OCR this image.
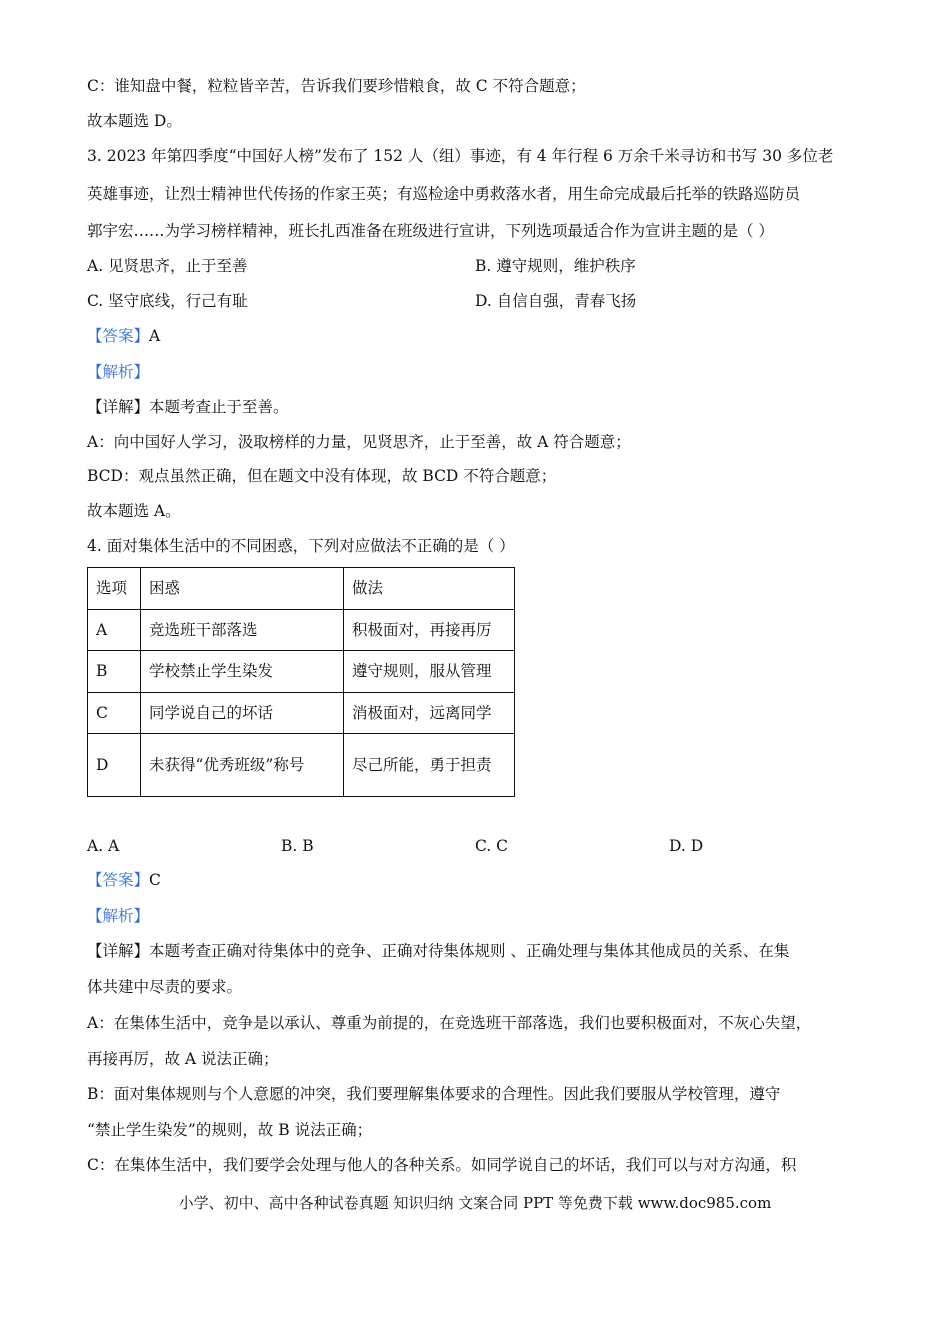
C：谁知盘中餐，粒粒皆辛苦，告诉我们要珍惜粮食，故 C 不符合题意；
故本题选 D。
3. 2023 年第四季度“中国好人榜”发布了 152 人（组）事迹，有 4 年行程 6 万余千米寻访和书写 30 多位老
英雄事迹，让烈士精神世代传扬的作家王英；有巡检途中勇救落水者，用生命完成最后托举的铁路巡防员
郭宇宏……为学习榜样精神，班长扎西准备在班级进行宣讲，下列选项最适合作为宣讲主题的是（ ）
A. 见贤思齐，止于至善	B. 遵守规则，维护秩序
C. 坚守底线，行己有耻	D. 自信自强，青春飞扬
【答案】A
【解析】
【详解】本题考查止于至善。
A：向中国好人学习，汲取榜样的力量，见贤思齐，止于至善，故 A 符合题意；
BCD：观点虽然正确，但在题文中没有体现，故 BCD 不符合题意；
故本题选 A。
4. 面对集体生活中的不同困惑，下列对应做法不正确的是（ ）
选项	困惑	做法
A	竞选班干部落选	积极面对，再接再厉
B	学校禁止学生染发	遵守规则，服从管理
C	同学说自己的坏话	消极面对，远离同学
D	未获得“优秀班级”称号	尽己所能，勇于担责
A. A	B. B	C. C	D. D
【答案】C
【解析】
【详解】本题考查正确对待集体中的竞争、正确对待集体规则 、正确处理与集体其他成员的关系、在集
体共建中尽责的要求。
A：在集体生活中，竞争是以承认、尊重为前提的，在竞选班干部落选，我们也要积极面对，不灰心失望，
再接再厉，故 A 说法正确；
B：面对集体规则与个人意愿的冲突，我们要理解集体要求的合理性。因此我们要服从学校管理，遵守
“禁止学生染发”的规则，故 B 说法正确；
C：在集体生活中，我们要学会处理与他人的各种关系。如同学说自己的坏话，我们可以与对方沟通，积
小学、初中、高中各种试卷真题 知识归纳 文案合同 PPT 等免费下载 www.doc985.com
